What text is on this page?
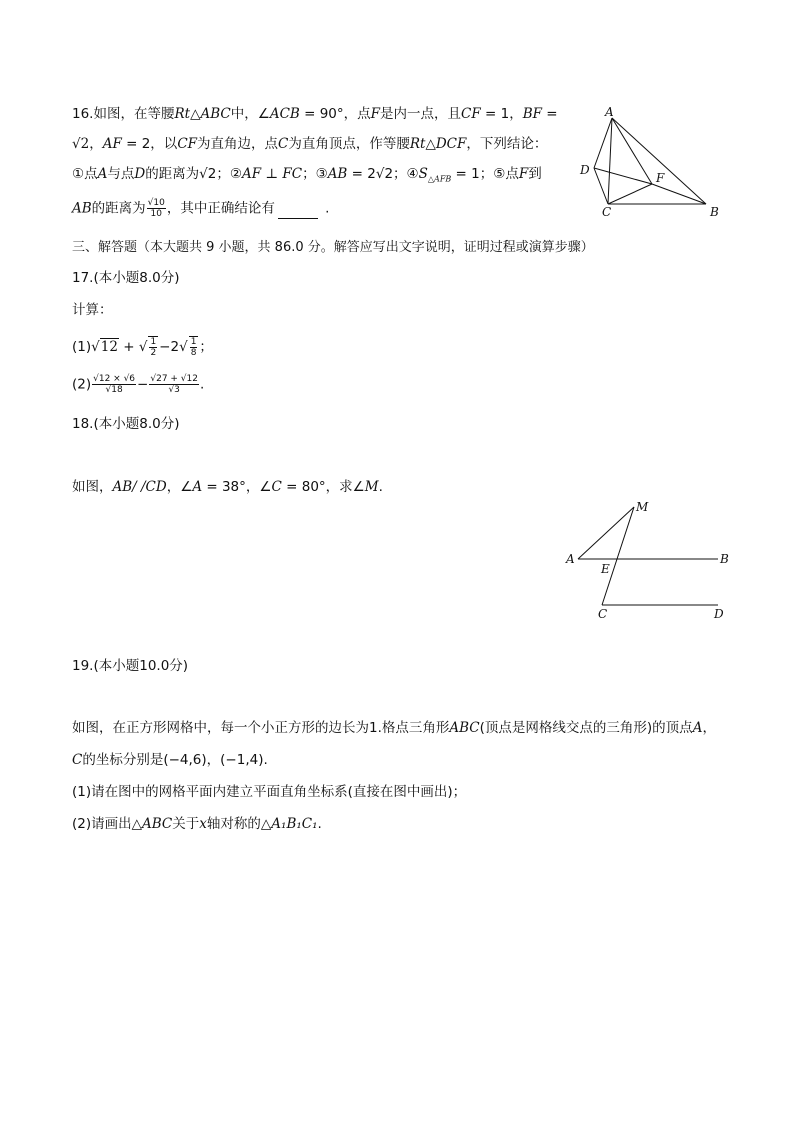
16.如图，在等腰Rt△ABC中，∠ACB = 90°，点F是内一点，且CF = 1，BF =
√2，AF = 2，以CF为直角边，点C为直角顶点，作等腰Rt△DCF，下列结论：
①点A与点D的距离为√2；②AF ⊥ FC；③AB = 2√2；$④S_{\triangle AFB} = 1$；⑤点F到
AB的距离为 $\frac{√10}{10}$ ，其中正确结论有	.
A
B
C
D
F
三、解答题（本大题共 9 小题，共 86.0 分。解答应写出文字说明，证明过程或演算步骤）
17.(本小题8.0分)
计算：
(1)√12 + √ $\frac{1}{2} -2√ \frac{1}{8}$ ；
$(2) \frac{√12 \times √6}{√18} - \frac{√27 + √12}{√3}$ .
18.(本小题8.0分)
如图，AB/ /CD，∠A = 38°，∠C = 80°，求∠M.
M
A	B
E
C	D
19.(本小题10.0分)
如图，在正方形网格中，每一个小正方形的边长为1.格点三角形ABC(顶点是网格线交点的三角形)的顶点A，
C的坐标分别是(−4,6)，(−1,4).
(1)请在图中的网格平面内建立平面直角坐标系(直接在图中画出)；
(2)请画出△ABC关于x轴对称的△A₁B₁C₁.
